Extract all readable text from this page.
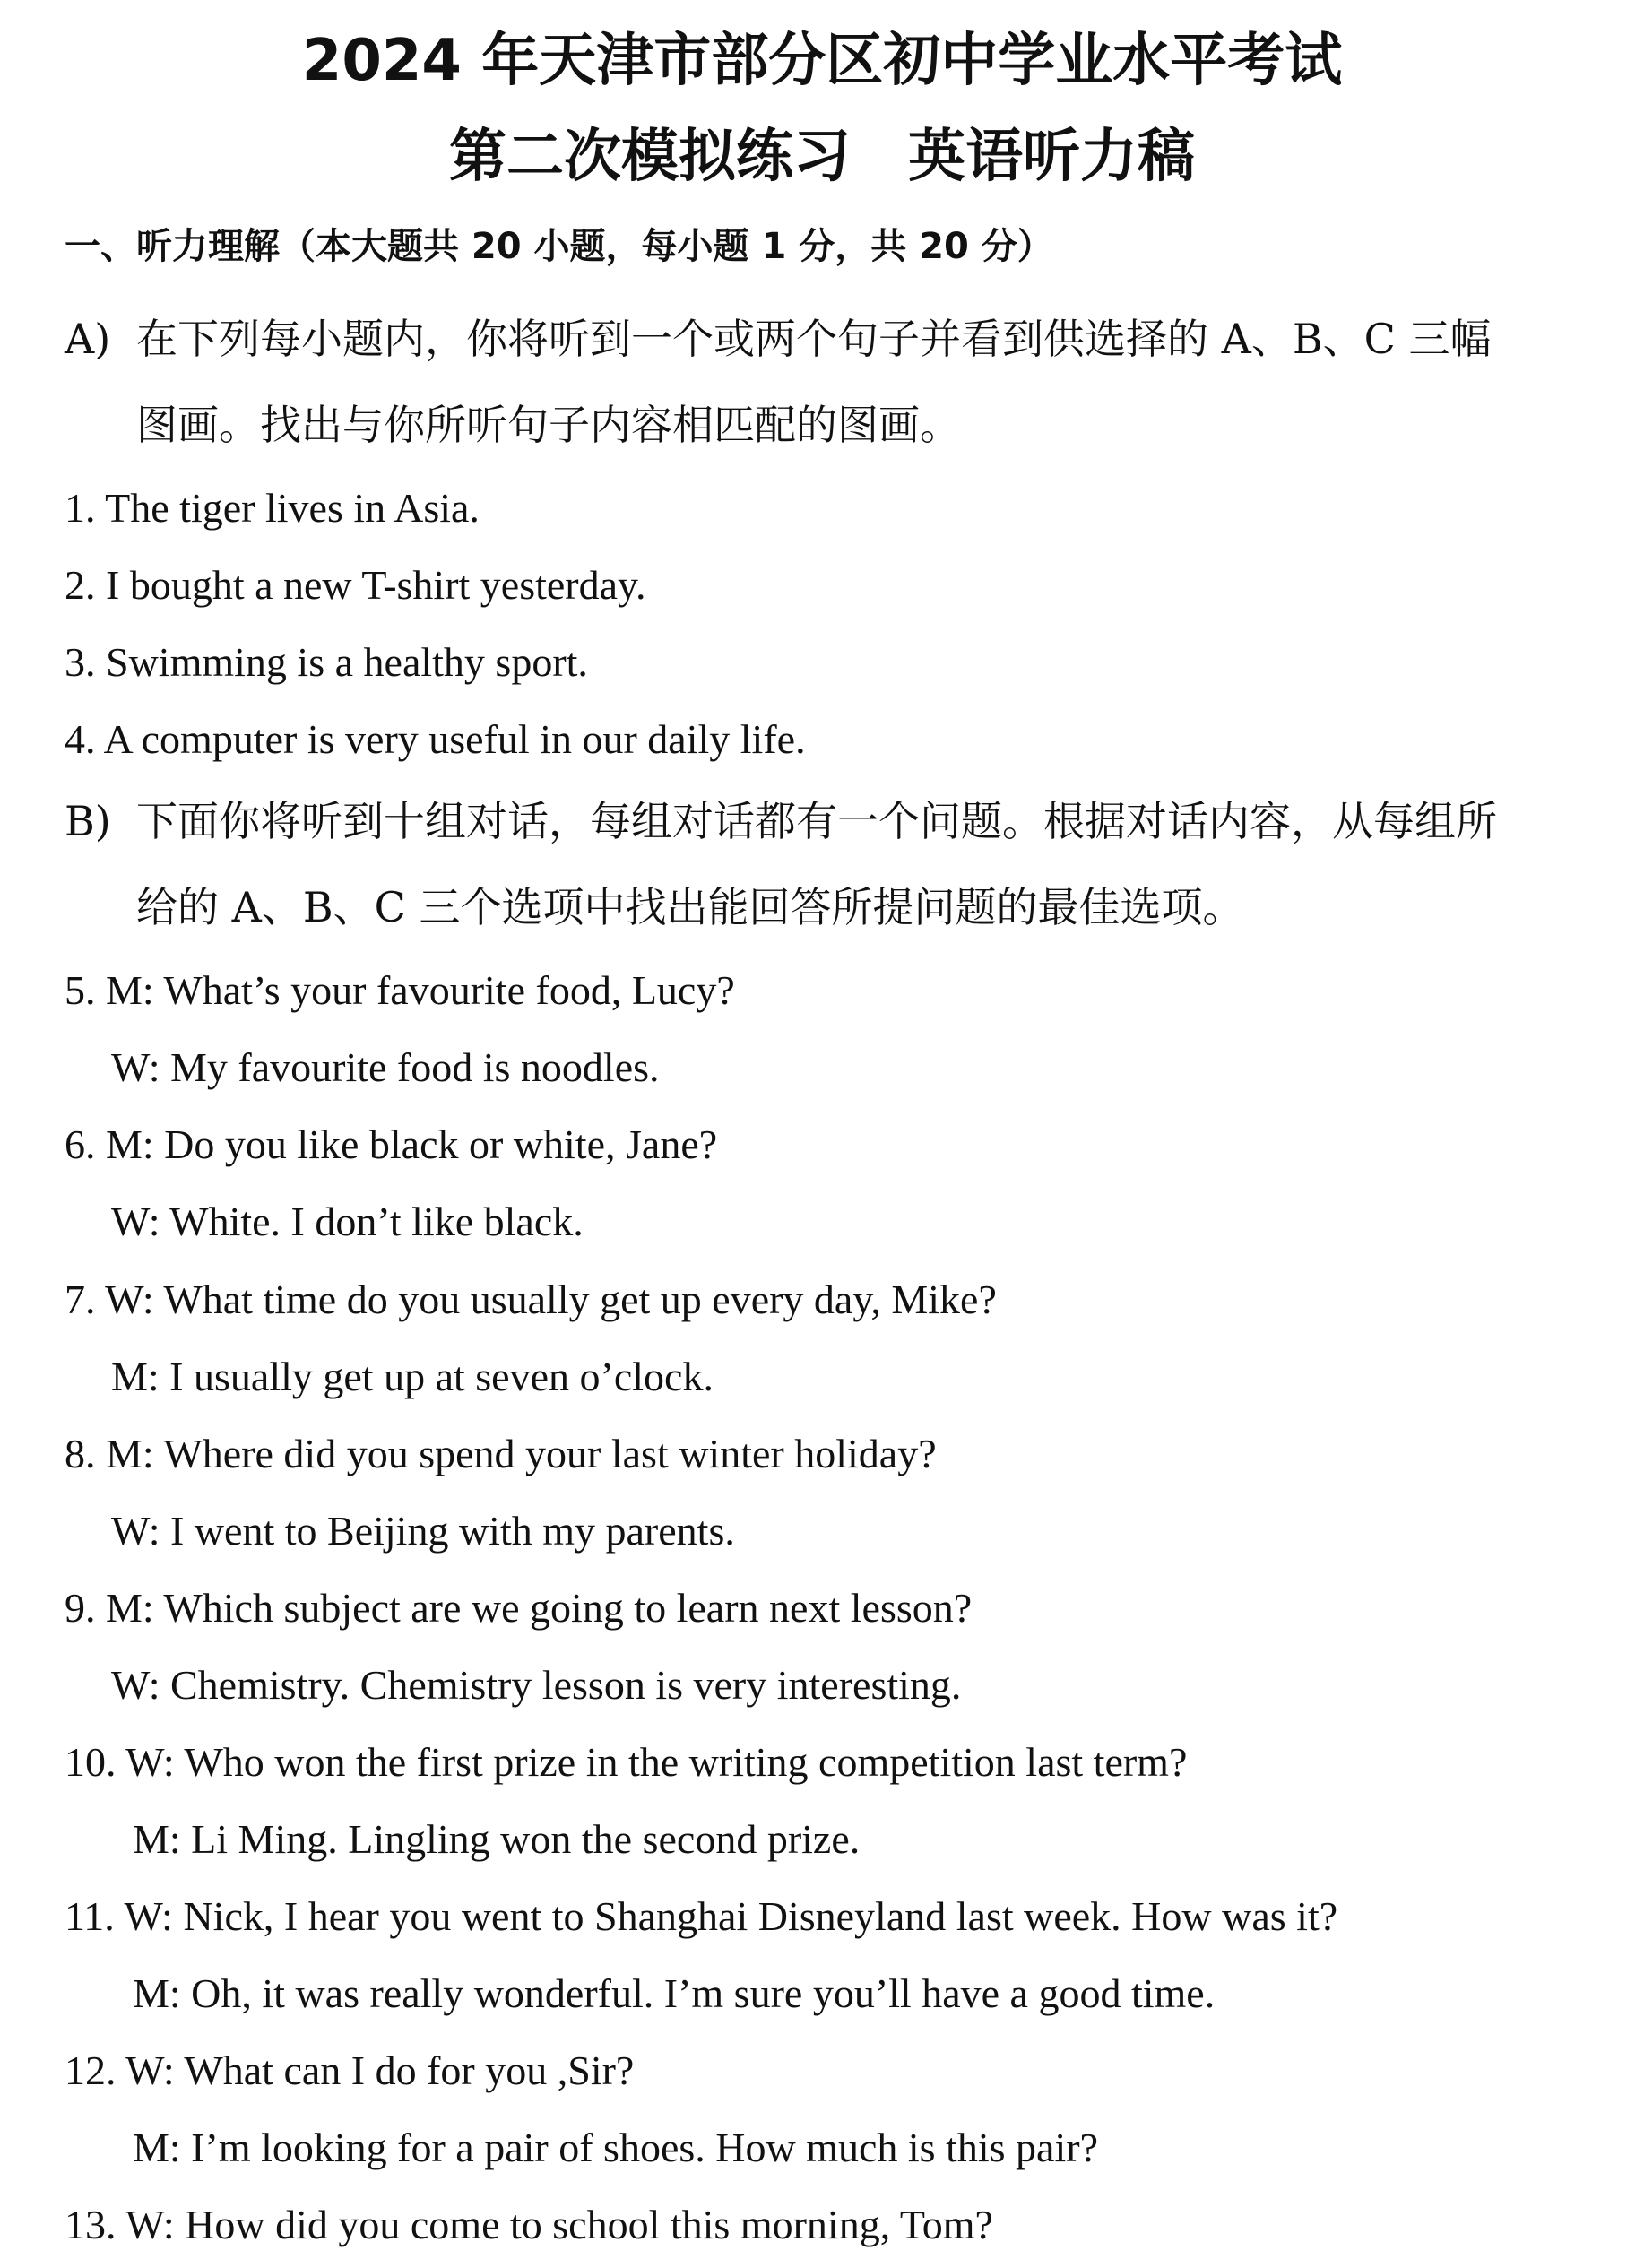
2024 年天津市部分区初中学业水平考试
第二次模拟练习　英语听力稿
一、听力理解（本大题共 20 小题，每小题 1 分，共 20 分）
A) 在下列每小题内，你将听到一个或两个句子并看到供选择的 A、B、C 三幅
图画。找出与你所听句子内容相匹配的图画。
1. The tiger lives in Asia.
2. I bought a new T-shirt yesterday.
3. Swimming is a healthy sport.
4. A computer is very useful in our daily life.
B) 下面你将听到十组对话，每组对话都有一个问题。根据对话内容，从每组所
给的 A、B、C 三个选项中找出能回答所提问题的最佳选项。
5. M: What’s your favourite food, Lucy?
W: My favourite food is noodles.
6. M: Do you like black or white, Jane?
W: White. I don’t like black.
7. W: What time do you usually get up every day, Mike?
M: I usually get up at seven o’clock.
8. M: Where did you spend your last winter holiday?
W: I went to Beijing with my parents.
9. M: Which subject are we going to learn next lesson?
W: Chemistry. Chemistry lesson is very interesting.
10. W: Who won the first prize in the writing competition last term?
M: Li Ming. Lingling won the second prize.
11. W: Nick, I hear you went to Shanghai Disneyland last week. How was it?
M: Oh, it was really wonderful. I’m sure you’ll have a good time.
12. W: What can I do for you ,Sir?
M: I’m looking for a pair of shoes. How much is this pair?
13. W: How did you come to school this morning, Tom?
